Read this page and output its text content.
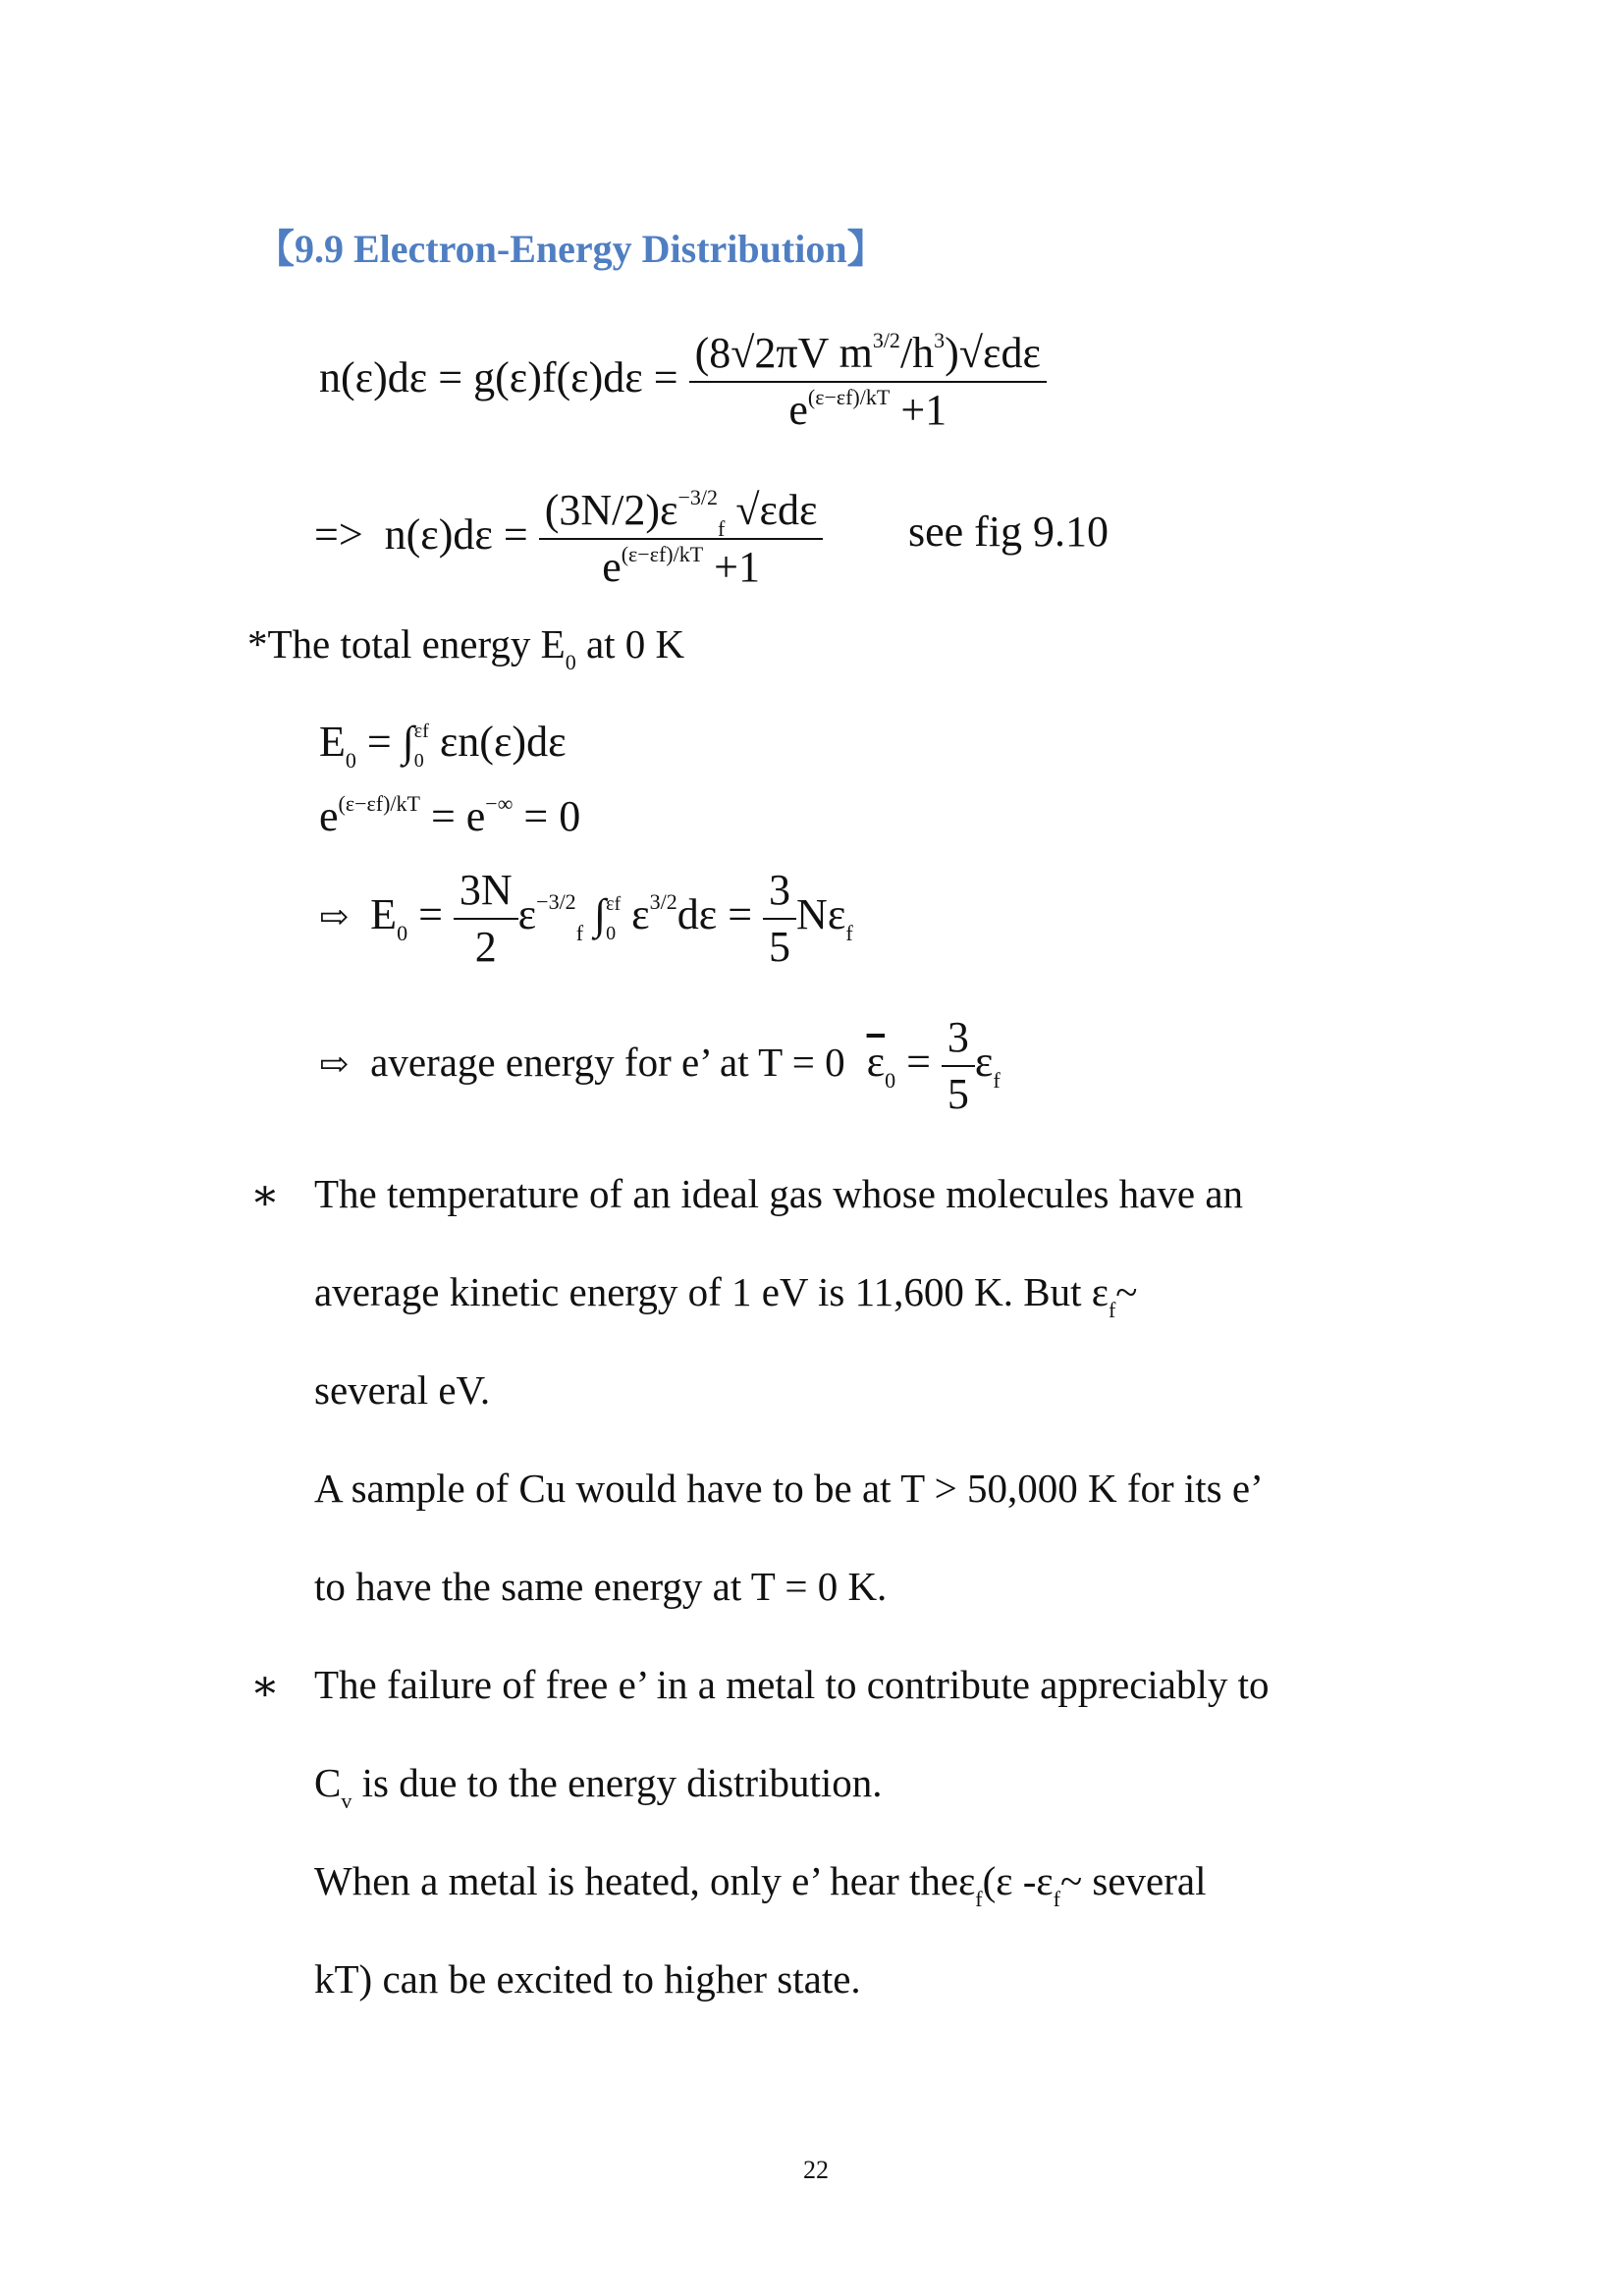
【9.9 Electron-Energy Distribution】
$n(\varepsilon)d\varepsilon = g(\varepsilon)f(\varepsilon)d\varepsilon = \frac{(8√2\pi V m^{3/2}/h^3)√\varepsilon d\varepsilon}{e^{(\varepsilon-\varepsilon f)/kT} +1}$
=> $n(\varepsilon)d\varepsilon = \frac{(3N/2)\varepsilon^{-3/2}_f √\varepsilon d\varepsilon}{e^{(\varepsilon-\varepsilon f)/kT} +1}$ see fig 9.10
*The total energy $E_0$ at 0 K
$E_0$ = ∫ εf
0 εn(ε)dε
$e^{(\varepsilon-\varepsilon f)/kT} = e^{-\infty} = 0$
⇨ $E_0 = \frac{3N}{2} \varepsilon^{-3/2}_f$ ∫ εf
0 $\varepsilon^{3/2}d\varepsilon = \frac{3}{5} N\varepsilon_f$
⇨ average energy for e’ at T = 0 $\overline{\varepsilon}_0 = \frac{3}{5} \varepsilon_f$
∗ The temperature of an ideal gas whose molecules have an
average kinetic energy of 1 eV is 11,600 K. But $\varepsilon_f\sim$
several eV.
A sample of Cu would have to be at T > 50,000 K for its e’
to have the same energy at T = 0 K.
∗ The failure of free e’ in a metal to contribute appreciably to
$C_v$ is due to the energy distribution.
When a metal is heated, only e’ hear theε$_f$(ε $-\varepsilon_f\sim$ several
kT) can be excited to higher state.
22
